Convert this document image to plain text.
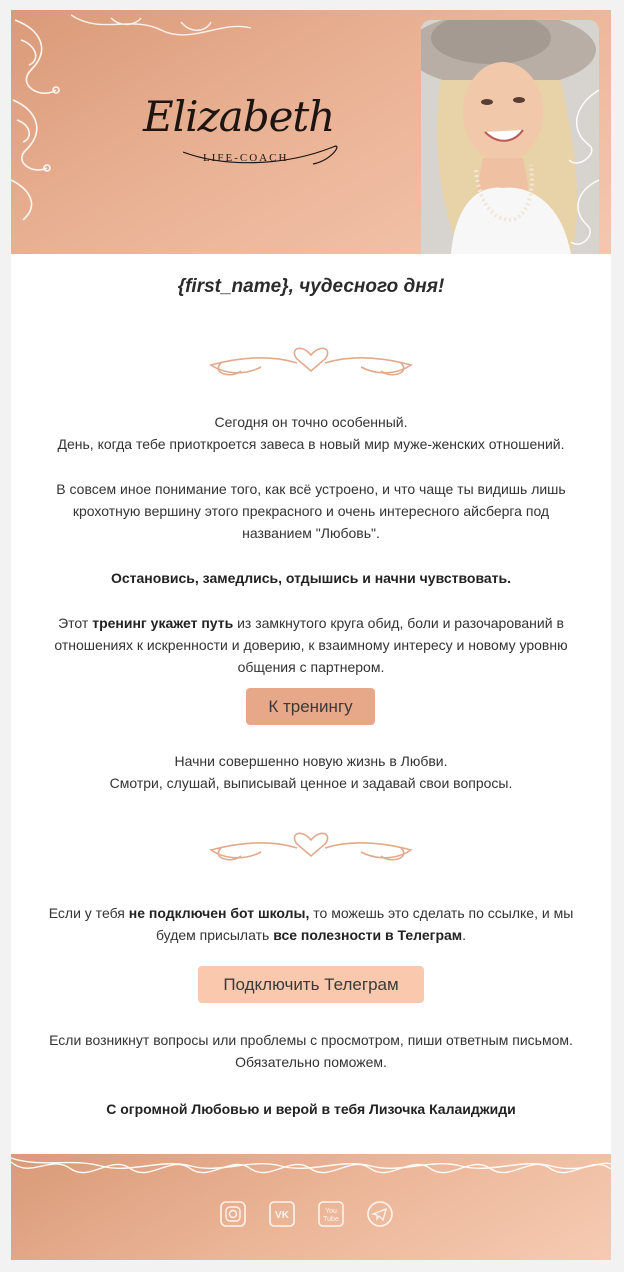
Elizabeth
LIFE-COACH
{first_name}, чудесного дня!
Сегодня он точно особенный.
День, когда тебе приоткроется завеса в новый мир муже-женских отношений.
В совсем иное понимание того, как всё устроено, и что чаще ты видишь лишь крохотную вершину этого прекрасного и очень интересного айсберга под названием "Любовь".
Остановись, замедлись, отдышись и начни чувствовать.
Этот тренинг укажет путь из замкнутого круга обид, боли и разочарований в отношениях к искренности и доверию, к взаимному интересу и новому уровню общения с партнером.
К тренингу
Начни совершенно новую жизнь в Любви.
Смотри, слушай, выписывай ценное и задавай свои вопросы.
Если у тебя не подключен бот школы, то можешь это сделать по ссылке, и мы будем присылать все полезности в Телеграм.
Подключить Телеграм
Если возникнут вопросы или проблемы с просмотром, пиши ответным письмом.
Обязательно поможем.
С огромной Любовью и верой в тебя Лизочка Калаиджиди
VK	You
Tube
